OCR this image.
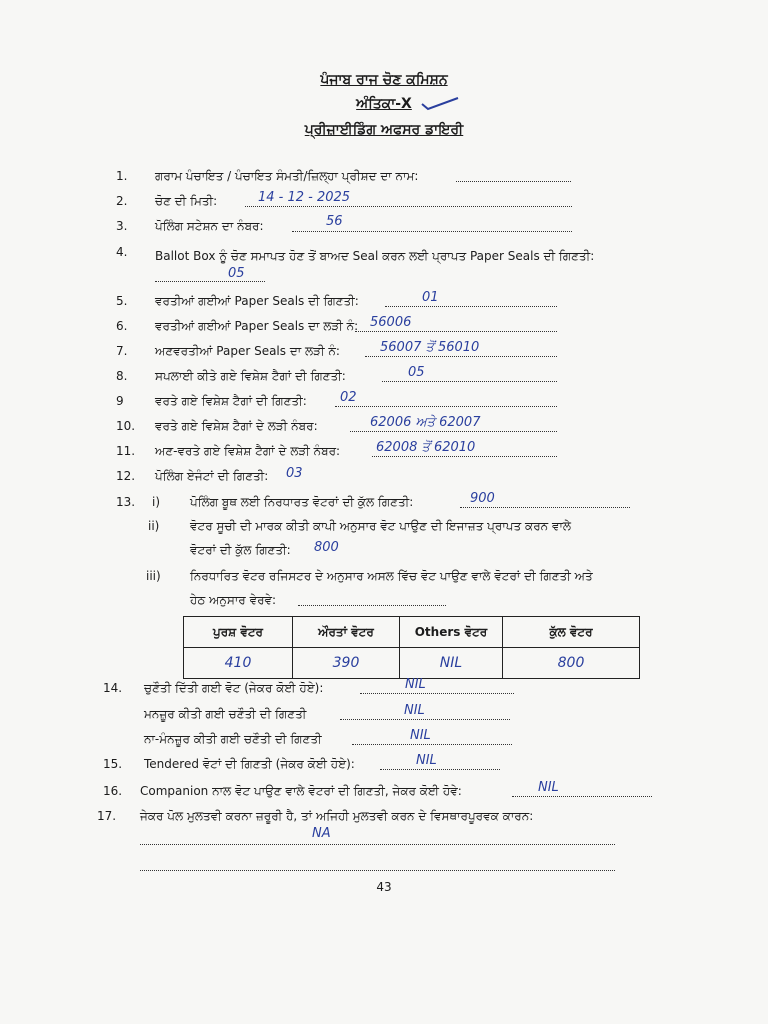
ਪੰਜਾਬ ਰਾਜ ਚੋਣ ਕਮਿਸ਼ਨ
ਅੰਤਿਕਾ-X
ਪ੍ਰੀਜ਼ਾਈਡਿੰਗ ਅਫਸਰ ਡਾਇਰੀ
1. ਗਰਾਮ ਪੰਚਾਇਤ / ਪੰਚਾਇਤ ਸੰਮਤੀ/ਜ਼ਿਲ੍ਹਾ ਪ੍ਰੀਸ਼ਦ ਦਾ ਨਾਮ:
2. ਚੋਣ ਦੀ ਮਿਤੀ:	14 - 12 - 2025
3. ਪੋਲਿੰਗ ਸਟੇਸ਼ਨ ਦਾ ਨੰਬਰ:	56
4. Ballot Box ਨੂੰ ਚੋਣ ਸਮਾਪਤ ਹੋਣ ਤੋਂ ਬਾਅਦ Seal ਕਰਨ ਲਈ ਪ੍ਰਾਪਤ Paper Seals ਦੀ ਗਿਣਤੀ:
05
5. ਵਰਤੀਆਂ ਗਈਆਂ Paper Seals ਦੀ ਗਿਣਤੀ:	01
6. ਵਰਤੀਆਂ ਗਈਆਂ Paper Seals ਦਾ ਲੜੀ ਨੰ: 56006
7. ਅਣਵਰਤੀਆਂ Paper Seals ਦਾ ਲੜੀ ਨੰ:	56007 ਤੋਂ 56010
8. ਸਪਲਾਈ ਕੀਤੇ ਗਏ ਵਿਸ਼ੇਸ਼ ਟੈਗਾਂ ਦੀ ਗਿਣਤੀ:	05
9	ਵਰਤੇ ਗਏ ਵਿਸ਼ੇਸ਼ ਟੈਗਾਂ ਦੀ ਗਿਣਤੀ:	02
10. ਵਰਤੇ ਗਏ ਵਿਸ਼ੇਸ਼ ਟੈਗਾਂ ਦੇ ਲੜੀ ਨੰਬਰ:	62006 ਅਤੇ 62007
11. ਅਣ-ਵਰਤੇ ਗਏ ਵਿਸ਼ੇਸ਼ ਟੈਗਾਂ ਦੇ ਲੜੀ ਨੰਬਰ:	62008 ਤੋਂ 62010
12. ਪੋਲਿੰਗ ਏਜੰਟਾਂ ਦੀ ਗਿਣਤੀ: 03
13. i) ਪੋਲਿੰਗ ਬੂਥ ਲਈ ਨਿਰਧਾਰਤ ਵੋਟਰਾਂ ਦੀ ਕੁੱਲ ਗਿਣਤੀ:	900
ii)	ਵੋਟਰ ਸੂਚੀ ਦੀ ਮਾਰਕ ਕੀਤੀ ਕਾਪੀ ਅਨੁਸਾਰ ਵੋਟ ਪਾਉਣ ਦੀ ਇਜਾਜ਼ਤ ਪ੍ਰਾਪਤ ਕਰਨ ਵਾਲੇ
ਵੋਟਰਾਂ ਦੀ ਕੁੱਲ ਗਿਣਤੀ: 800
iii) ਨਿਰਧਾਰਿਤ ਵੋਟਰ ਰਜਿਸਟਰ ਦੇ ਅਨੁਸਾਰ ਅਸਲ ਵਿੱਚ ਵੋਟ ਪਾਉਣ ਵਾਲੇ ਵੋਟਰਾਂ ਦੀ ਗਿਣਤੀ ਅਤੇ
ਹੇਠ ਅਨੁਸਾਰ ਵੇਰਵੇ:
ਪੁਰਸ਼ ਵੋਟਰ	ਔਰਤਾਂ ਵੋਟਰ	Others ਵੋਟਰ	ਕੁੱਲ ਵੋਟਰ
410	390	NIL	800
14. ਚੁਣੌਤੀ ਦਿੱਤੀ ਗਈ ਵੋਟ (ਜੇਕਰ ਕੋਈ ਹੋਏ):	NIL
ਮਨਜ਼ੂਰ ਕੀਤੀ ਗਈ ਚਣੌਤੀ ਦੀ ਗਿਣਤੀ	NIL
ਨਾ-ਮੰਨਜ਼ੂਰ ਕੀਤੀ ਗਈ ਚਣੌਤੀ ਦੀ ਗਿਣਤੀ	NIL
15. Tendered ਵੋਟਾਂ ਦੀ ਗਿਣਤੀ (ਜੇਕਰ ਕੋਈ ਹੋਏ):	NIL
16. Companion ਨਾਲ ਵੋਟ ਪਾਉਣ ਵਾਲੇ ਵੋਟਰਾਂ ਦੀ ਗਿਣਤੀ, ਜੇਕਰ ਕੋਈ ਹੋਵੇ:	NIL
17. ਜੇਕਰ ਪੋਲ ਮੁਲਤਵੀ ਕਰਨਾ ਜ਼ਰੂਰੀ ਹੈ, ਤਾਂ ਅਜਿਹੀ ਮੁਲਤਵੀ ਕਰਨ ਦੇ ਵਿਸਥਾਰਪੂਰਵਕ ਕਾਰਨ:
NA
43
